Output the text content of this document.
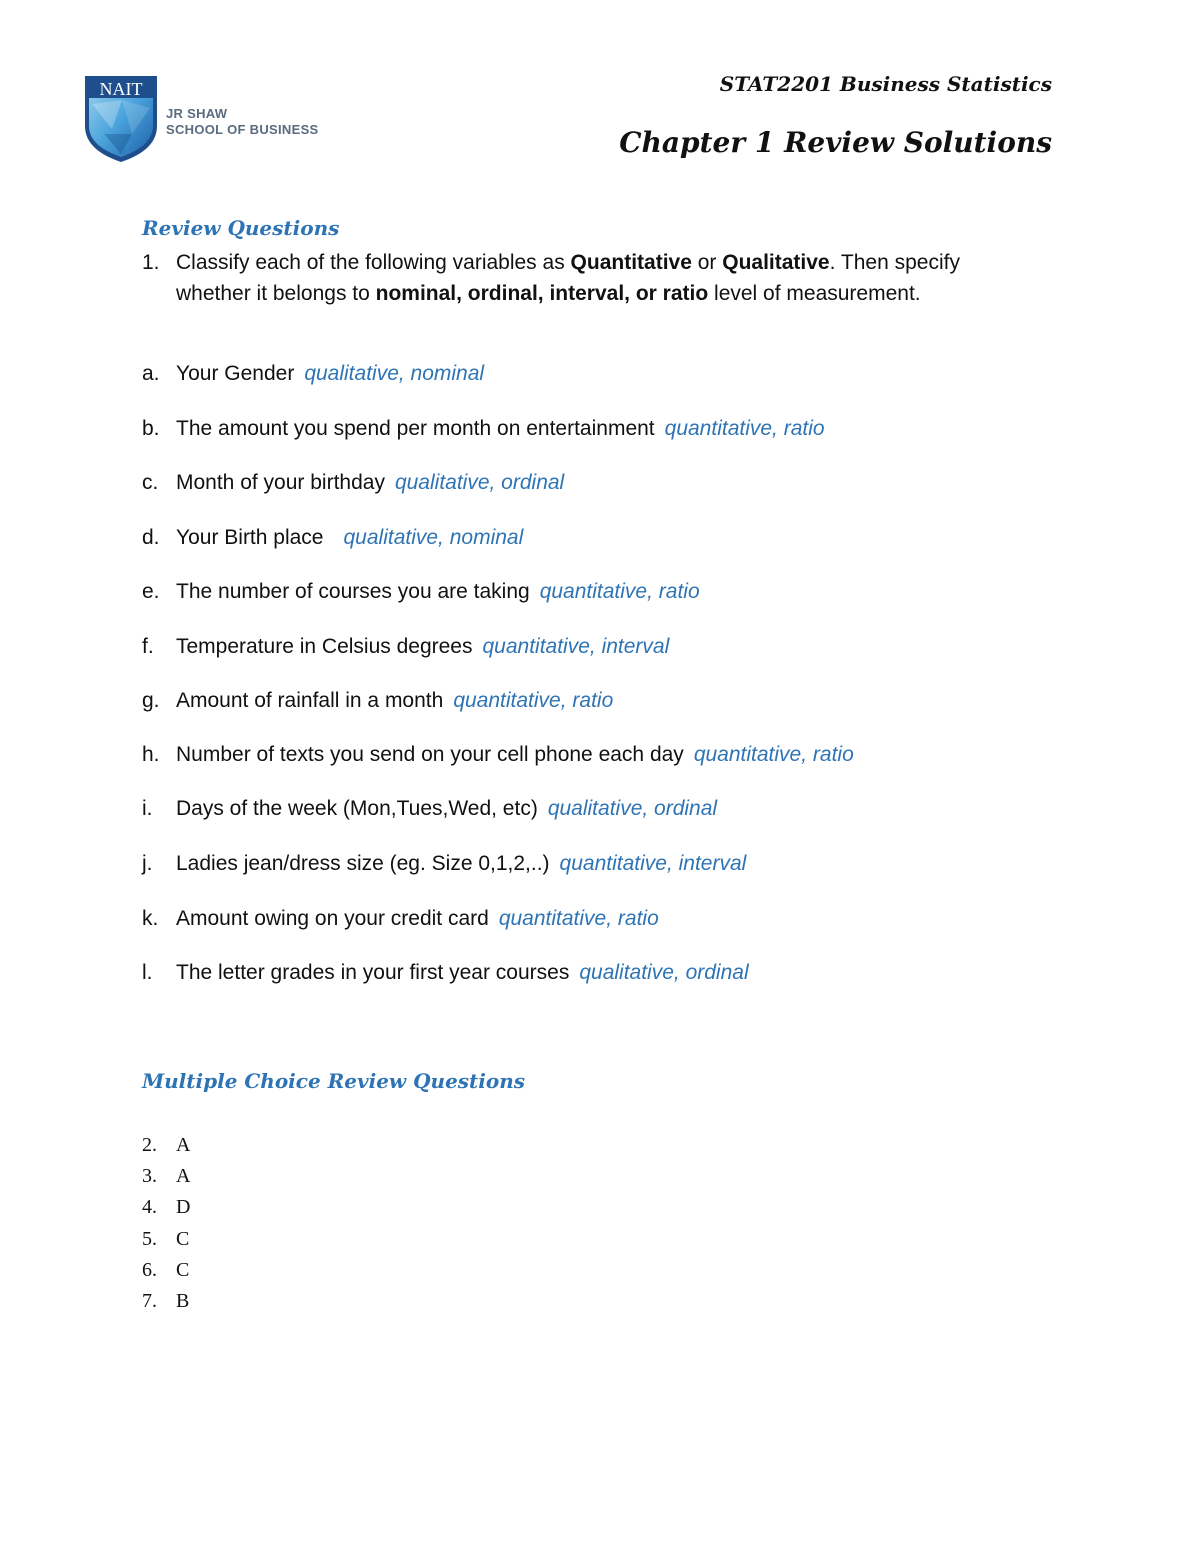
NAIT
JR SHAW
SCHOOL OF BUSINESS
STAT2201 Business Statistics
Chapter 1 Review Solutions
Review Questions
1. Classify each of the following variables as Quantitative or Qualitative. Then specify whether it belongs to nominal, ordinal, interval, or ratio level of measurement.
a. Your Gender qualitative, nominal
b. The amount you spend per month on entertainment quantitative, ratio
c. Month of your birthday qualitative, ordinal
d. Your Birth place qualitative, nominal
e. The number of courses you are taking quantitative, ratio
f. Temperature in Celsius degrees quantitative, interval
g. Amount of rainfall in a month quantitative, ratio
h. Number of texts you send on your cell phone each day quantitative, ratio
i. Days of the week (Mon,Tues,Wed, etc) qualitative, ordinal
j. Ladies jean/dress size (eg. Size 0,1,2,..) quantitative, interval
k. Amount owing on your credit card quantitative, ratio
l. The letter grades in your first year courses qualitative, ordinal
Multiple Choice Review Questions
2. A
3. A
4. D
5. C
6. C
7. B
